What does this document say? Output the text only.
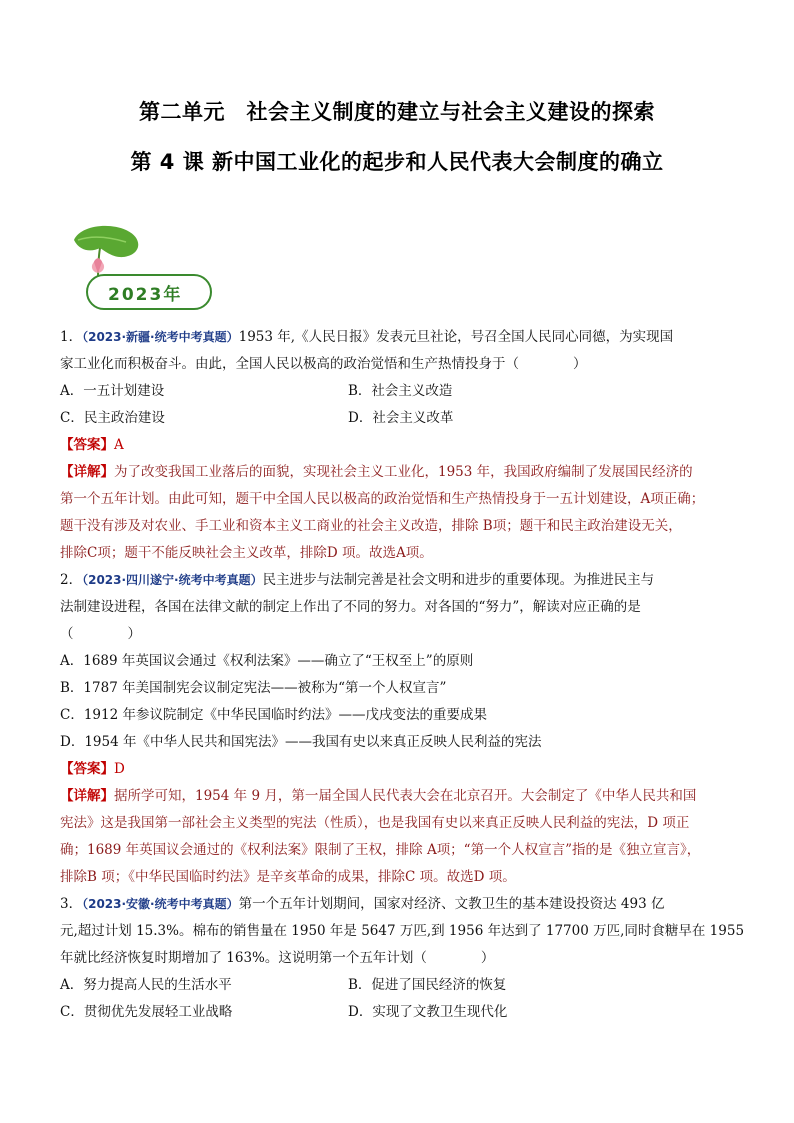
第二单元　社会主义制度的建立与社会主义建设的探索
第 4 课 新中国工业化的起步和人民代表大会制度的确立
2023年
1．（2023·新疆·统考中考真题）1953 年,《人民日报》发表元旦社论，号召全国人民同心同德，为实现国
家工业化而积极奋斗。由此，全国人民以极高的政治觉悟和生产热情投身于（　　　　）
A．一五计划建设	B．社会主义改造
C．民主政治建设	D．社会主义改革
【答案】A
【详解】为了改变我国工业落后的面貌，实现社会主义工业化，1953 年，我国政府编制了发展国民经济的
第一个五年计划。由此可知，题干中全国人民以极高的政治觉悟和生产热情投身于一五计划建设，A项正确；
题干没有涉及对农业、手工业和资本主义工商业的社会主义改造，排除 B项；题干和民主政治建设无关，
排除C项；题干不能反映社会主义改革，排除D 项。故选A项。
2．（2023·四川遂宁·统考中考真题）民主进步与法制完善是社会文明和进步的重要体现。为推进民主与
法制建设进程，各国在法律文献的制定上作出了不同的努力。对各国的“努力”，解读对应正确的是
（　　　　）
A．1689 年英国议会通过《权利法案》——确立了“王权至上”的原则
B．1787 年美国制宪会议制定宪法——被称为“第一个人权宣言”
C．1912 年参议院制定《中华民国临时约法》——戊戌变法的重要成果
D．1954 年《中华人民共和国宪法》——我国有史以来真正反映人民利益的宪法
【答案】D
【详解】据所学可知，1954 年 9 月，第一届全国人民代表大会在北京召开。大会制定了《中华人民共和国
宪法》这是我国第一部社会主义类型的宪法（性质），也是我国有史以来真正反映人民利益的宪法，D 项正
确；1689 年英国议会通过的《权利法案》限制了王权，排除 A项；“第一个人权宣言”指的是《独立宣言》，
排除B 项；《中华民国临时约法》是辛亥革命的成果，排除C 项。故选D 项。
3．（2023·安徽·统考中考真题）第一个五年计划期间，国家对经济、文教卫生的基本建设投资达 493 亿
元,超过计划 15.3%。棉布的销售量在 1950 年是 5647 万匹,到 1956 年达到了 17700 万匹,同时食糖早在 1955
年就比经济恢复时期增加了 163%。这说明第一个五年计划（　　　　）
A．努力提高人民的生活水平	B．促进了国民经济的恢复
C．贯彻优先发展轻工业战略	D．实现了文教卫生现代化
